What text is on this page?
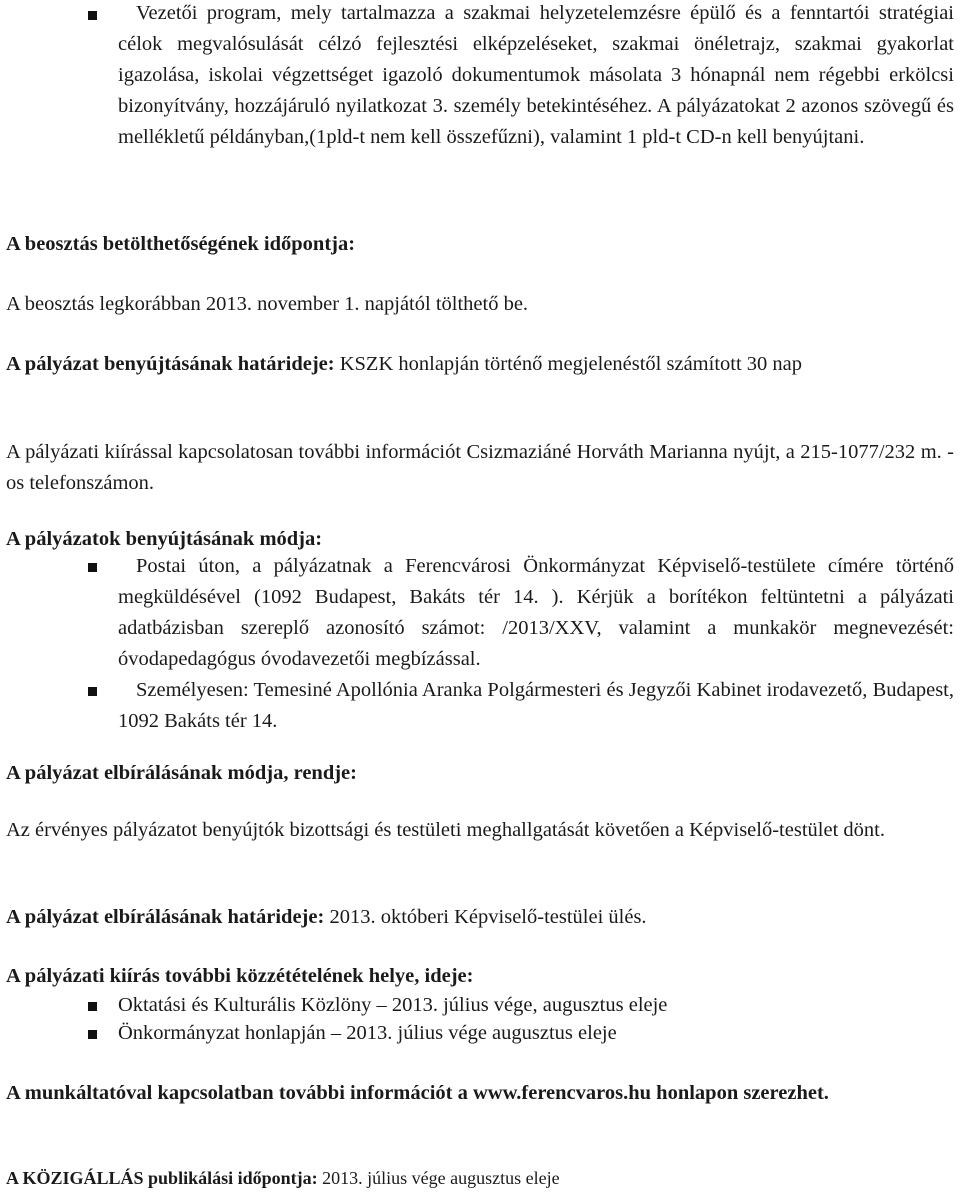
Vezetői program, mely tartalmazza a szakmai helyzetelemzésre épülő és a fenntartói stratégiai célok megvalósulását célzó fejlesztési elképzeléseket, szakmai önéletrajz, szakmai gyakorlat igazolása, iskolai végzettséget igazoló dokumentumok másolata 3 hónapnál nem régebbi erkölcsi bizonyítvány, hozzájáruló nyilatkozat 3. személy betekintéséhez. A pályázatokat 2 azonos szövegű és mellékletű példányban,(1pld-t nem kell összefűzni), valamint 1 pld-t CD-n kell benyújtani.
A beosztás betölthetőségének időpontja:
A beosztás legkorábban 2013. november 1. napjától tölthető be.
A pályázat benyújtásának határideje: KSZK honlapján történő megjelenéstől számított 30 nap
A pályázati kiírással kapcsolatosan további információt Csizmaziáné Horváth Marianna nyújt, a 215-1077/232 m. -os telefonszámon.
A pályázatok benyújtásának módja:
Postai úton, a pályázatnak a Ferencvárosi Önkormányzat Képviselő-testülete címére történő megküldésével (1092 Budapest, Bakáts tér 14. ). Kérjük a borítékon feltüntetni a pályázati adatbázisban szereplő azonosító számot: /2013/XXV, valamint a munkakör megnevezését: óvodapedagógus óvodavezetői megbízással.
Személyesen: Temesiné Apollónia Aranka Polgármesteri és Jegyzői Kabinet irodavezető, Budapest, 1092 Bakáts tér 14.
A pályázat elbírálásának módja, rendje:
Az érvényes pályázatot benyújtók bizottsági és testületi meghallgatását követően a Képviselő-testület dönt.
A pályázat elbírálásának határideje: 2013. októberi Képviselő-testülei ülés.
A pályázati kiírás további közzétételének helye, ideje:
Oktatási és Kulturális Közlöny – 2013. július vége, augusztus eleje
Önkormányzat honlapján – 2013. július vége augusztus eleje
A munkáltatóval kapcsolatban további információt a www.ferencvaros.hu honlapon szerezhet.
A KÖZIGÁLLÁS publikálási időpontja: 2013. július vége augusztus eleje
